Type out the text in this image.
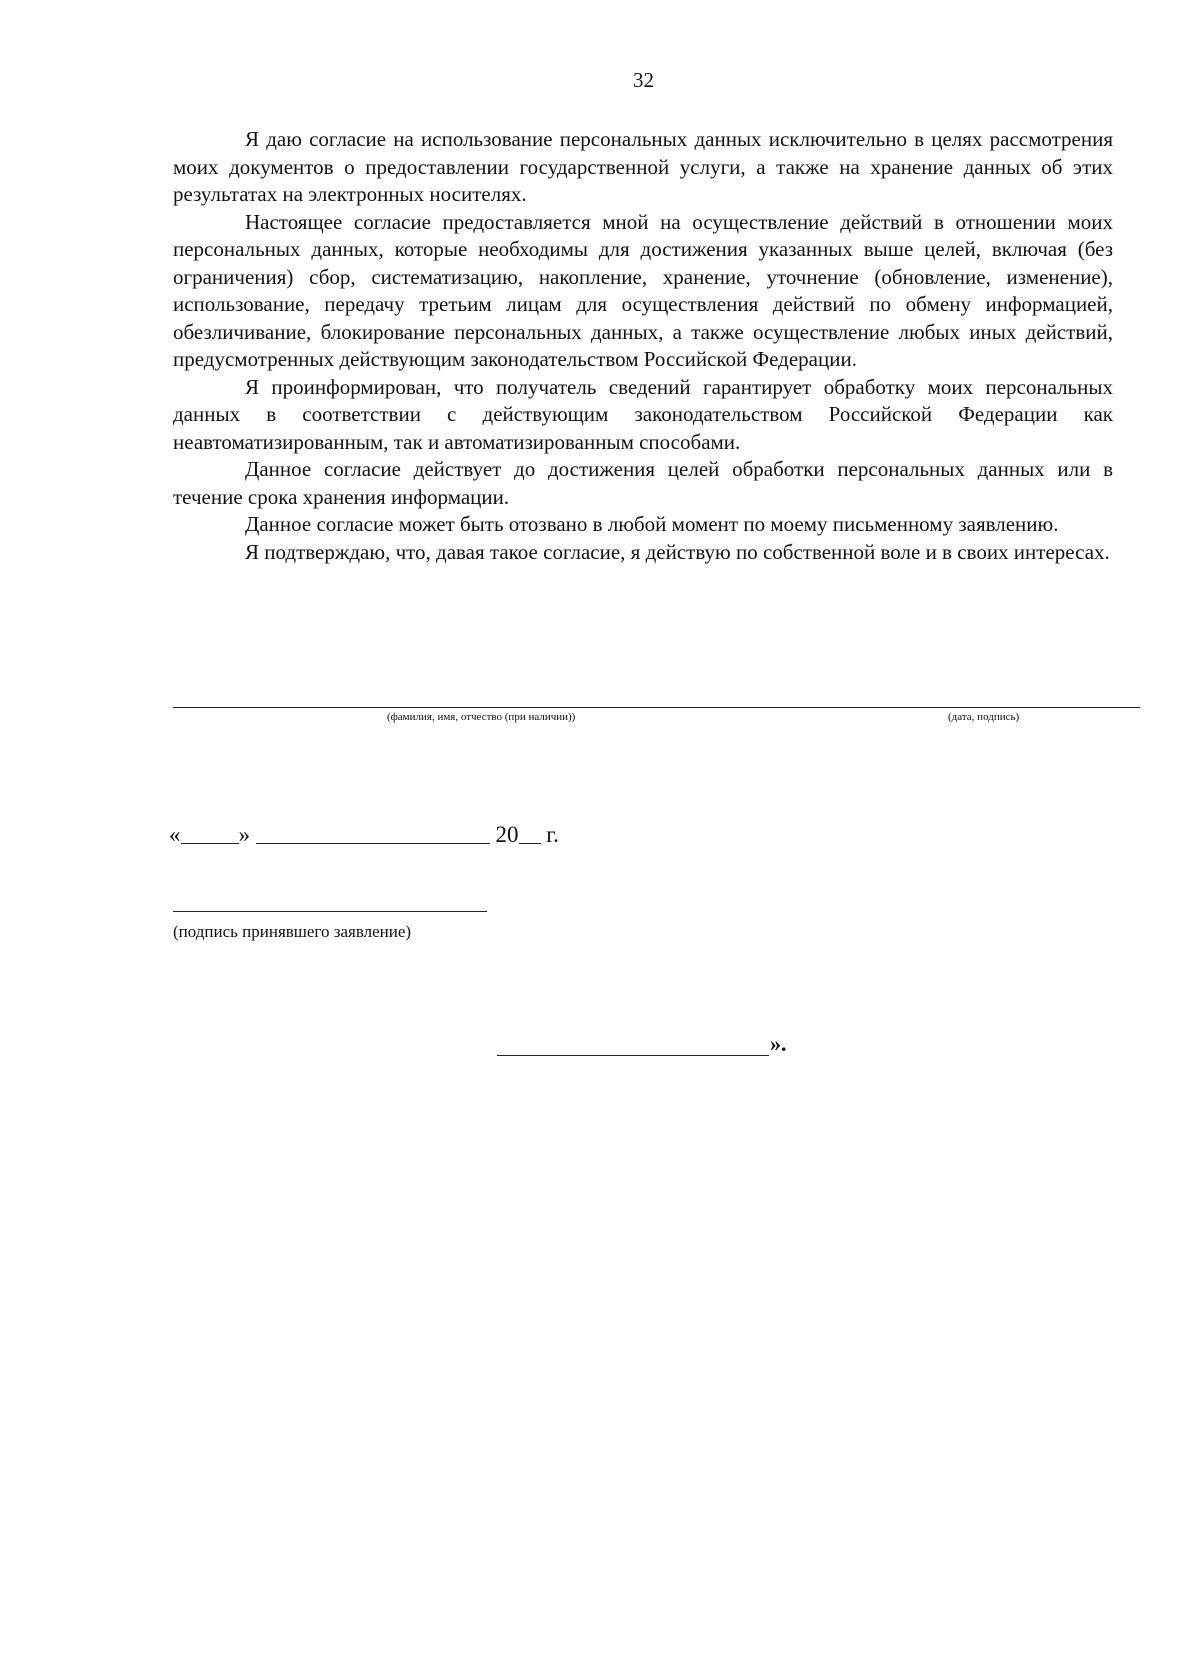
32

Я даю согласие на использование персональных данных исключительно в целях рассмотрения моих документов о предоставлении государственной услуги, а также на хранение данных об этих результатах на электронных носителях.

Настоящее согласие предоставляется мной на осуществление действий в отношении моих персональных данных, которые необходимы для достижения указанных выше целей, включая (без ограничения) сбор, систематизацию, накопление, хранение, уточнение (обновление, изменение), использование, передачу третьим лицам для осуществления действий по обмену информацией, обезличивание, блокирование персональных данных, а также осуществление любых иных действий, предусмотренных действующим законодательством Российской Федерации.

Я проинформирован, что получатель сведений гарантирует обработку моих персональных данных в соответствии с действующим законодательством Российской Федерации как неавтоматизированным, так и автоматизированным способами.

Данное согласие действует до достижения целей обработки персональных данных или в течение срока хранения информации.

Данное согласие может быть отозвано в любой момент по моему письменному заявлению.

Я подтверждаю, что, давая такое согласие, я действую по собственной воле и в своих интересах.

(фамилия, имя, отчество (при наличии))	(дата, подпись)
«	»	20 г.
(подпись принявшего заявление)
».
